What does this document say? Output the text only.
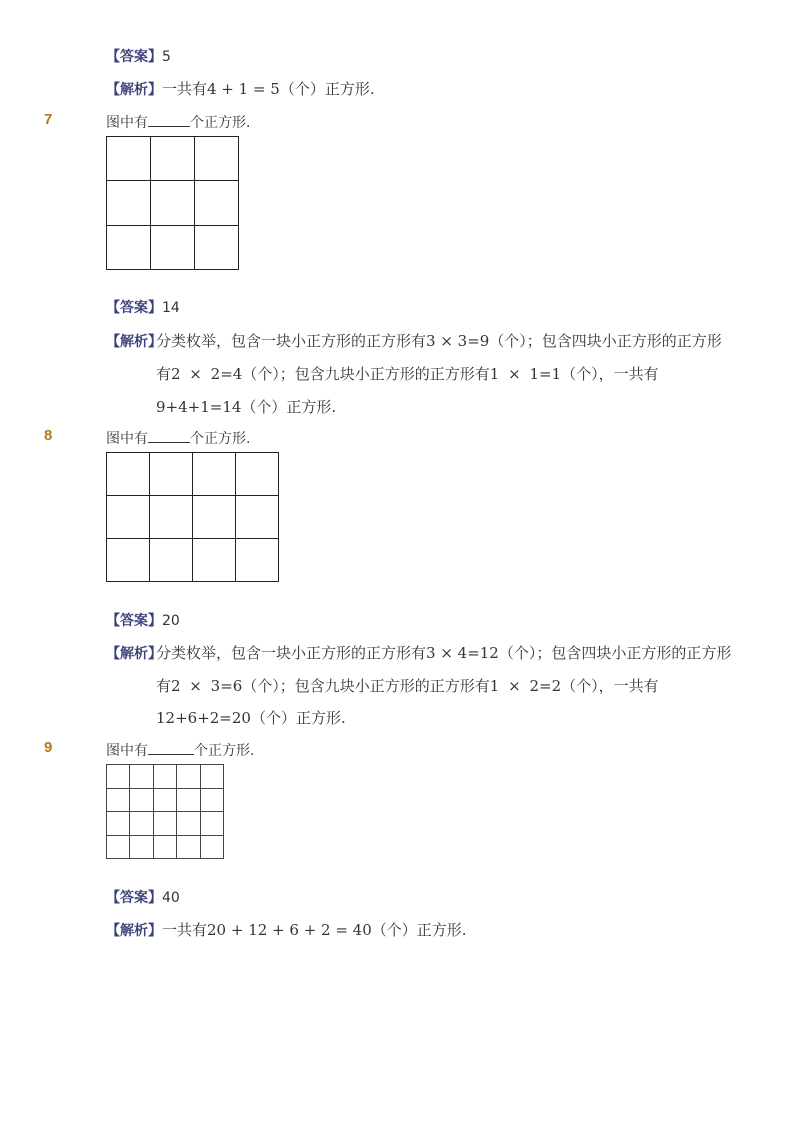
【答案】5
【解析】一共有4 + 1 = 5（个）正方形.
7	图中有	个正方形.
【答案】14
【解析】
分类枚举，包含一块小正方形的正方形有3 × 3=9（个）；包含四块小正方形的正方形
有2 × 2=4（个）；包含九块小正方形的正方形有1 × 1=1（个），一共有
9+4+1=14（个）正方形.
8	图中有	个正方形.
【答案】20
【解析】
分类枚举，包含一块小正方形的正方形有3 × 4=12（个）；包含四块小正方形的正方形
有2 × 3=6（个）；包含九块小正方形的正方形有1 × 2=2（个），一共有
12+6+2=20（个）正方形.
9	图中有	个正方形.
【答案】40
【解析】一共有20 + 12 + 6 + 2 = 40（个）正方形.
